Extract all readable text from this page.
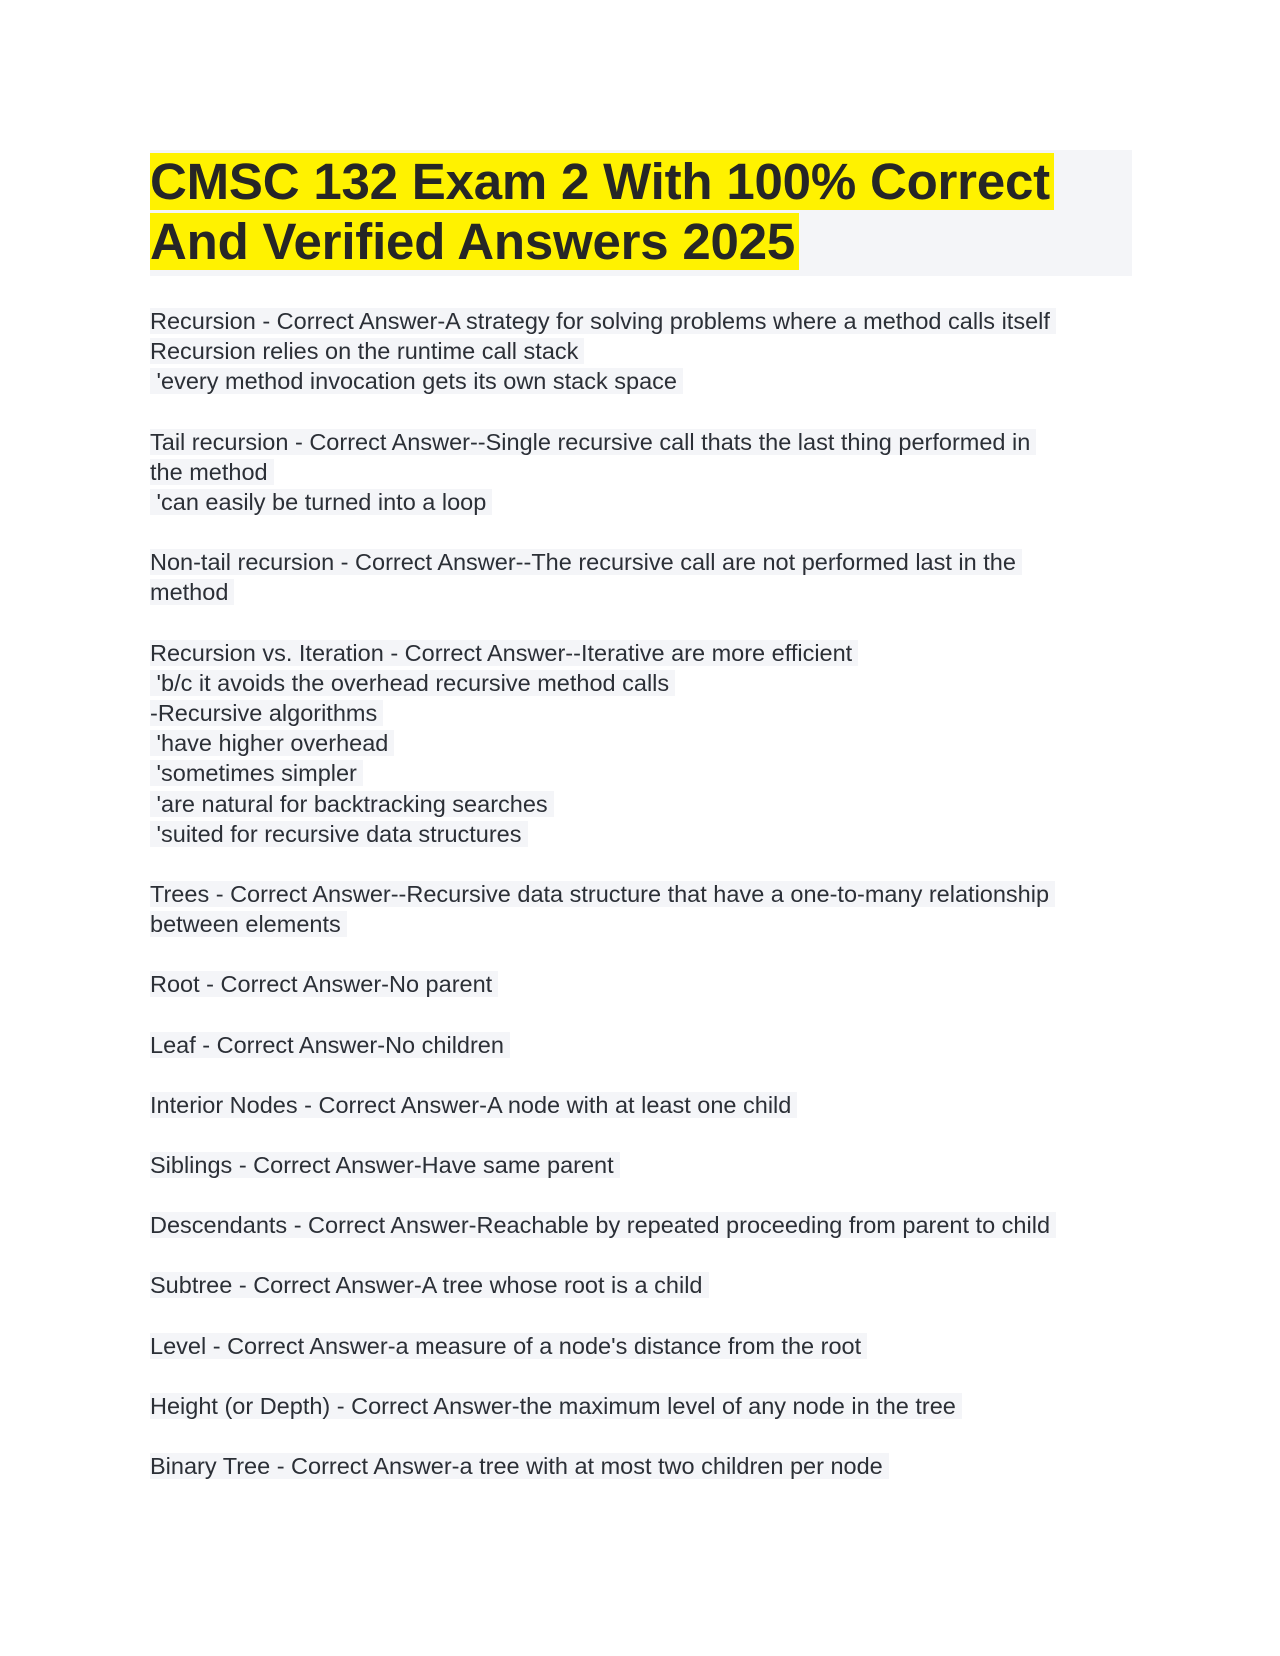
CMSC 132 Exam 2 With 100% Correct
And Verified Answers 2025
Recursion - Correct Answer-A strategy for solving problems where a method calls itself
Recursion relies on the runtime call stack
'every method invocation gets its own stack space
Tail recursion - Correct Answer--Single recursive call thats the last thing performed in
the method
'can easily be turned into a loop
Non-tail recursion - Correct Answer--The recursive call are not performed last in the
method
Recursion vs. Iteration - Correct Answer--Iterative are more efficient
'b/c it avoids the overhead recursive method calls
-Recursive algorithms
'have higher overhead
'sometimes simpler
'are natural for backtracking searches
'suited for recursive data structures
Trees - Correct Answer--Recursive data structure that have a one-to-many relationship
between elements
Root - Correct Answer-No parent
Leaf - Correct Answer-No children
Interior Nodes - Correct Answer-A node with at least one child
Siblings - Correct Answer-Have same parent
Descendants - Correct Answer-Reachable by repeated proceeding from parent to child
Subtree - Correct Answer-A tree whose root is a child
Level - Correct Answer-a measure of a node's distance from the root
Height (or Depth) - Correct Answer-the maximum level of any node in the tree
Binary Tree - Correct Answer-a tree with at most two children per node
